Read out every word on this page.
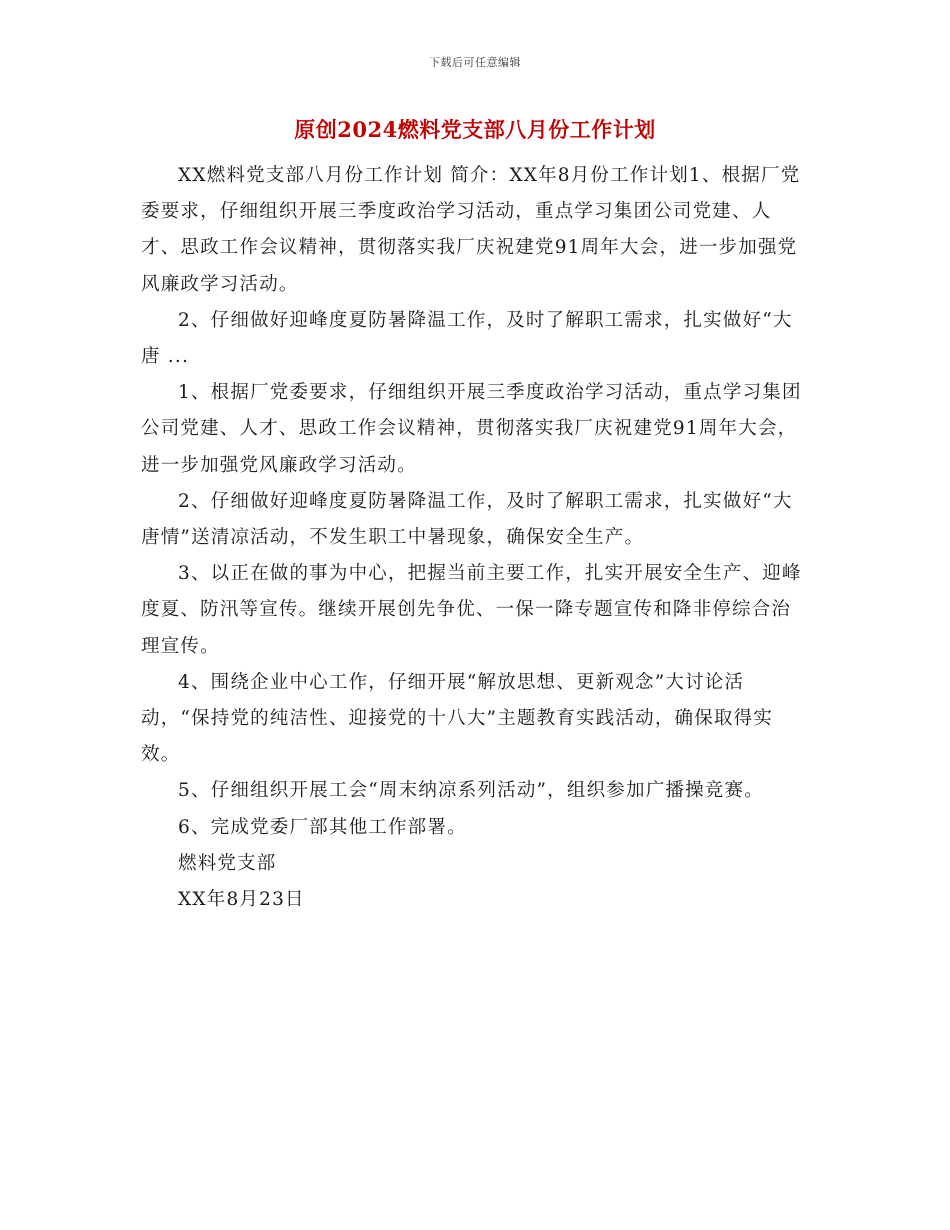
下载后可任意编辑
原创2024燃料党支部八月份工作计划

XX燃料党支部八月份工作计划 简介：XX年8月份工作计划1、根据厂党委要求，仔细组织开展三季度政治学习活动，重点学习集团公司党建、人才、思政工作会议精神，贯彻落实我厂庆祝建党91周年大会，进一步加强党风廉政学习活动。

2、仔细做好迎峰度夏防暑降温工作，及时了解职工需求，扎实做好“大唐 ...

1、根据厂党委要求，仔细组织开展三季度政治学习活动，重点学习集团公司党建、人才、思政工作会议精神，贯彻落实我厂庆祝建党91周年大会，进一步加强党风廉政学习活动。

2、仔细做好迎峰度夏防暑降温工作，及时了解职工需求，扎实做好“大唐情”送清凉活动，不发生职工中暑现象，确保安全生产。

3、以正在做的事为中心，把握当前主要工作，扎实开展安全生产、迎峰度夏、防汛等宣传。继续开展创先争优、一保一降专题宣传和降非停综合治理宣传。

4、围绕企业中心工作，仔细开展“解放思想、更新观念”大讨论活动，“保持党的纯洁性、迎接党的十八大”主题教育实践活动，确保取得实效。

5、仔细组织开展工会“周末纳凉系列活动”，组织参加广播操竞赛。

6、完成党委厂部其他工作部署。

燃料党支部

XX年8月23日
